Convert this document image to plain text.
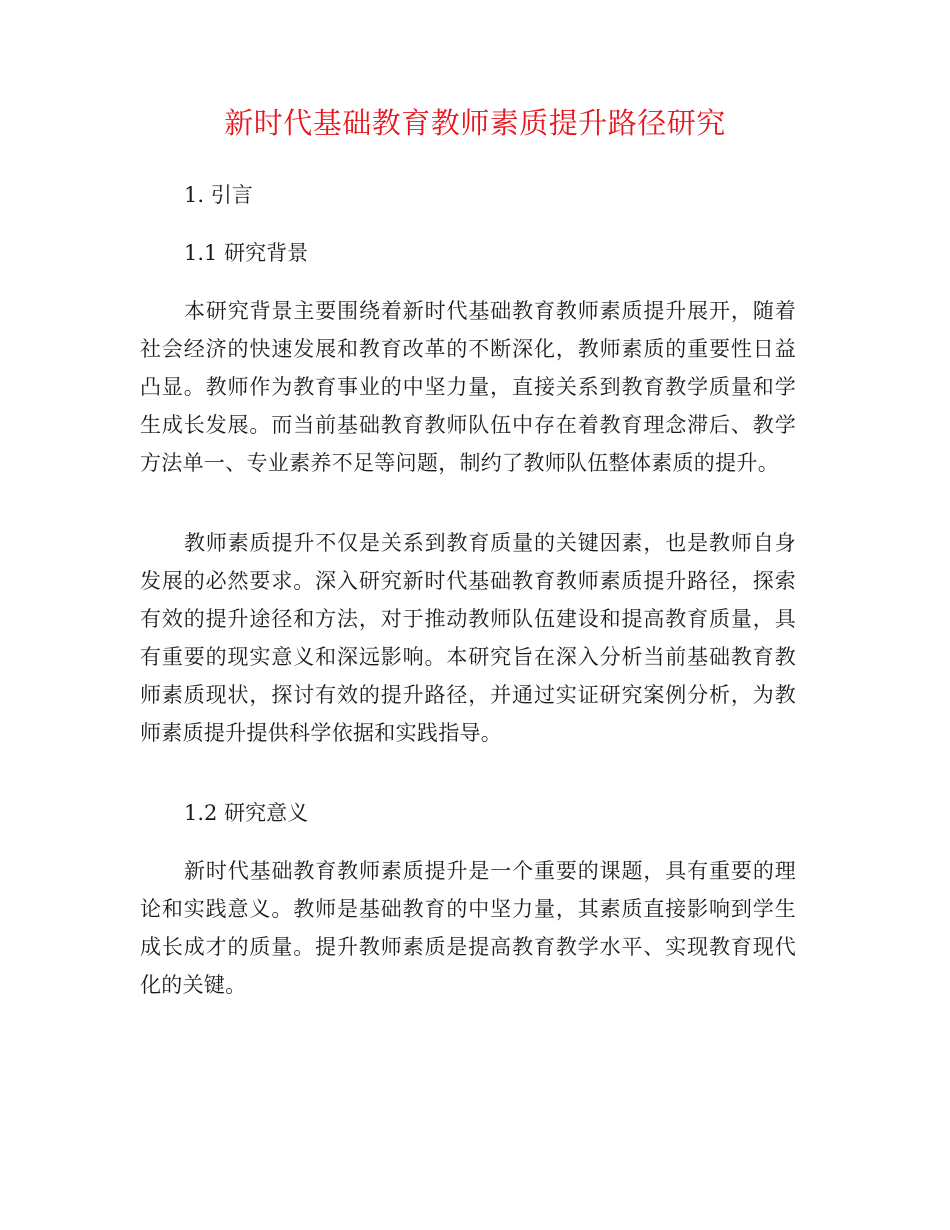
新时代基础教育教师素质提升路径研究
1. 引言
1.1 研究背景

本研究背景主要围绕着新时代基础教育教师素质提升展开，随着社会经济的快速发展和教育改革的不断深化，教师素质的重要性日益凸显。教师作为教育事业的中坚力量，直接关系到教育教学质量和学生成长发展。而当前基础教育教师队伍中存在着教育理念滞后、教学方法单一、专业素养不足等问题，制约了教师队伍整体素质的提升。

教师素质提升不仅是关系到教育质量的关键因素，也是教师自身发展的必然要求。深入研究新时代基础教育教师素质提升路径，探索有效的提升途径和方法，对于推动教师队伍建设和提高教育质量，具有重要的现实意义和深远影响。本研究旨在深入分析当前基础教育教师素质现状，探讨有效的提升路径，并通过实证研究案例分析，为教师素质提升提供科学依据和实践指导。

1.2 研究意义

新时代基础教育教师素质提升是一个重要的课题，具有重要的理论和实践意义。教师是基础教育的中坚力量，其素质直接影响到学生成长成才的质量。提升教师素质是提高教育教学水平、实现教育现代化的关键。
